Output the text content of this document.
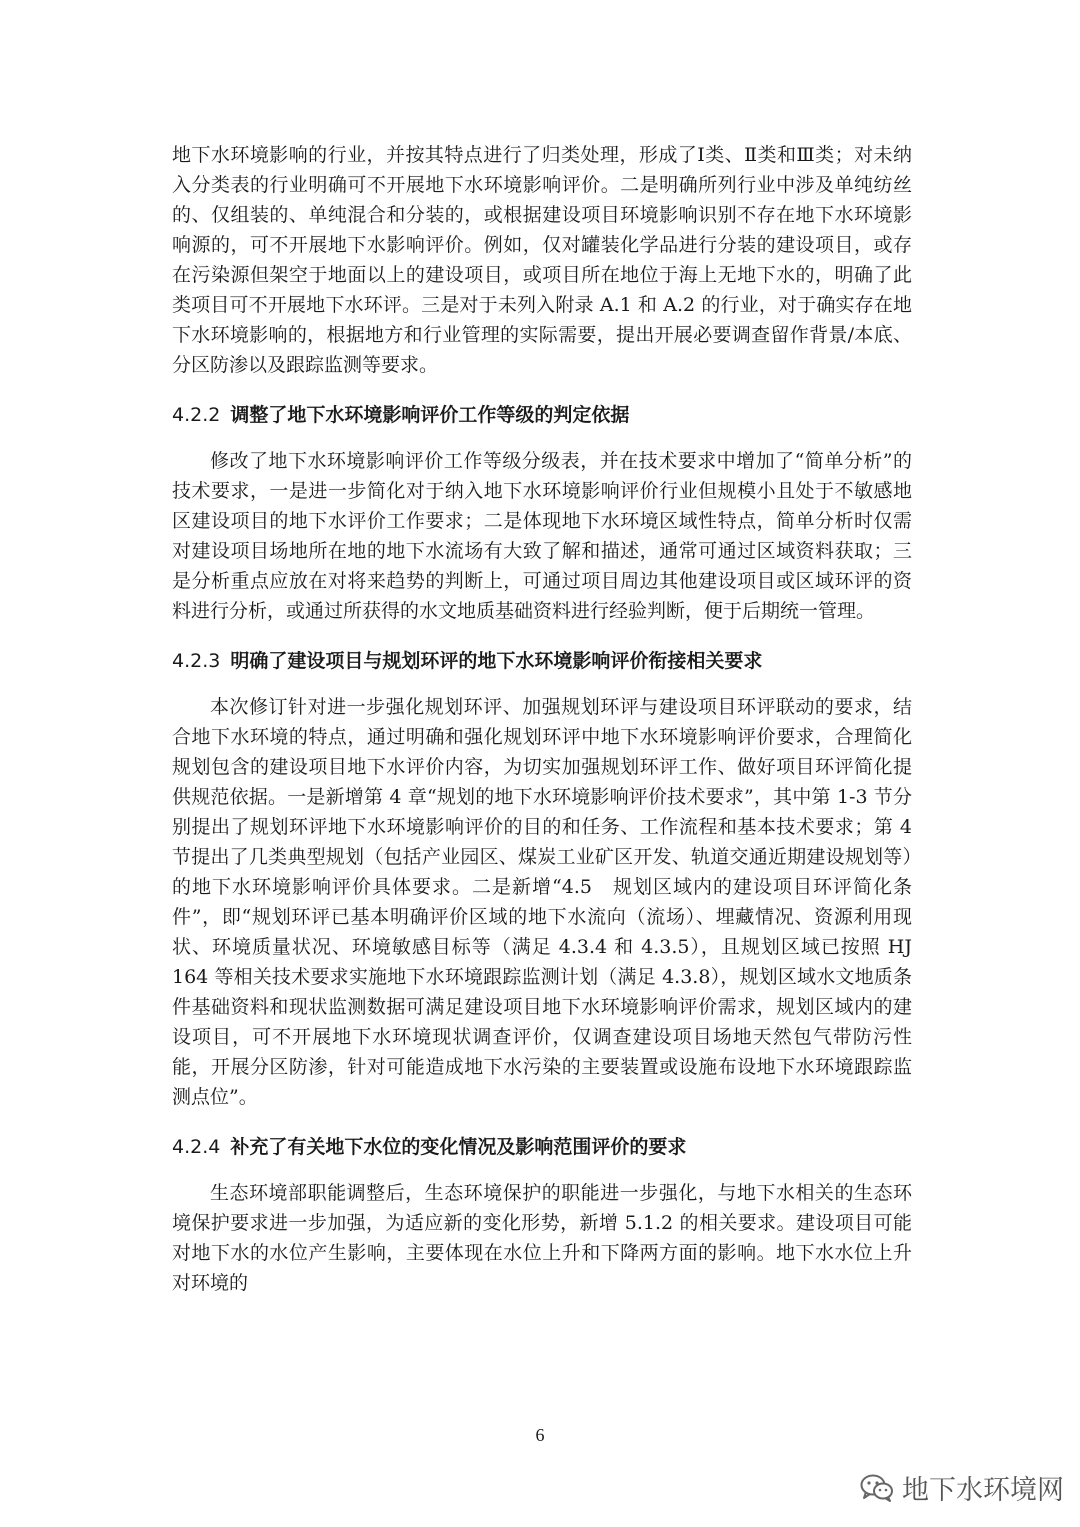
地下水环境影响的行业，并按其特点进行了归类处理，形成了Ⅰ类、Ⅱ类和Ⅲ类；对未纳入分类表的行业明确可不开展地下水环境影响评价。二是明确所列行业中涉及单纯纺丝的、仅组装的、单纯混合和分装的，或根据建设项目环境影响识别不存在地下水环境影响源的，可不开展地下水影响评价。例如，仅对罐装化学品进行分装的建设项目，或存在污染源但架空于地面以上的建设项目，或项目所在地位于海上无地下水的，明确了此类项目可不开展地下水环评。三是对于未列入附录 A.1 和 A.2 的行业，对于确实存在地下水环境影响的，根据地方和行业管理的实际需要，提出开展必要调查留作背景/本底、分区防渗以及跟踪监测等要求。

4.2.2 调整了地下水环境影响评价工作等级的判定依据

修改了地下水环境影响评价工作等级分级表，并在技术要求中增加了“简单分析”的技术要求，一是进一步简化对于纳入地下水环境影响评价行业但规模小且处于不敏感地区建设项目的地下水评价工作要求；二是体现地下水环境区域性特点，简单分析时仅需对建设项目场地所在地的地下水流场有大致了解和描述，通常可通过区域资料获取；三是分析重点应放在对将来趋势的判断上，可通过项目周边其他建设项目或区域环评的资料进行分析，或通过所获得的水文地质基础资料进行经验判断，便于后期统一管理。

4.2.3 明确了建设项目与规划环评的地下水环境影响评价衔接相关要求

本次修订针对进一步强化规划环评、加强规划环评与建设项目环评联动的要求，结合地下水环境的特点，通过明确和强化规划环评中地下水环境影响评价要求，合理简化规划包含的建设项目地下水评价内容，为切实加强规划环评工作、做好项目环评简化提供规范依据。一是新增第 4 章“规划的地下水环境影响评价技术要求”，其中第 1-3 节分别提出了规划环评地下水环境影响评价的目的和任务、工作流程和基本技术要求；第 4 节提出了几类典型规划（包括产业园区、煤炭工业矿区开发、轨道交通近期建设规划等）的地下水环境影响评价具体要求。二是新增“4.5　规划区域内的建设项目环评简化条件”，即“规划环评已基本明确评价区域的地下水流向（流场）、埋藏情况、资源利用现状、环境质量状况、环境敏感目标等（满足 4.3.4 和 4.3.5），且规划区域已按照 HJ 164 等相关技术要求实施地下水环境跟踪监测计划（满足 4.3.8），规划区域水文地质条件基础资料和现状监测数据可满足建设项目地下水环境影响评价需求，规划区域内的建设项目，可不开展地下水环境现状调查评价，仅调查建设项目场地天然包气带防污性能，开展分区防渗，针对可能造成地下水污染的主要装置或设施布设地下水环境跟踪监测点位”。

4.2.4 补充了有关地下水位的变化情况及影响范围评价的要求

生态环境部职能调整后，生态环境保护的职能进一步强化，与地下水相关的生态环境保护要求进一步加强，为适应新的变化形势，新增 5.1.2 的相关要求。建设项目可能对地下水的水位产生影响，主要体现在水位上升和下降两方面的影响。地下水水位上升对环境的

6
地下水环境网
